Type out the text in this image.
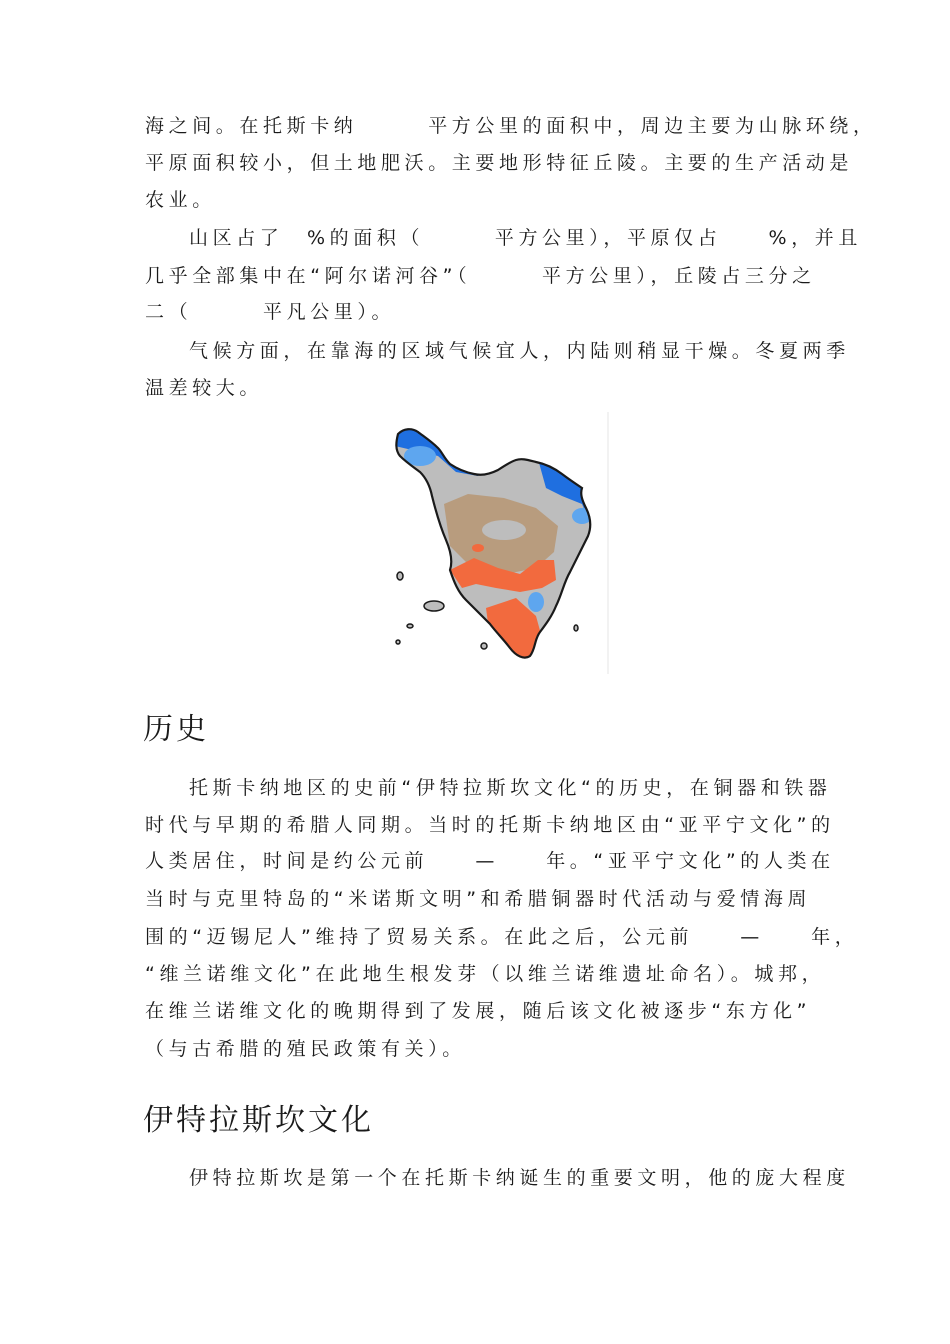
海之间。在托斯卡纳　　　平方公里的面积中，周边主要为山脉环绕，

平原面积较小，但土地肥沃。主要地形特征丘陵。主要的生产活动是

农业。

山区占了　%的面积（　　　平方公里），平原仅占　　%，并且

几乎全部集中在“阿尔诺河谷”（　　　平方公里），丘陵占三分之

二（　　　平凡公里）。

气候方面，在靠海的区域气候宜人，内陆则稍显干燥。冬夏两季

温差较大。

历史

托斯卡纳地区的史前“伊特拉斯坎文化“的历史，在铜器和铁器

时代与早期的希腊人同期。当时的托斯卡纳地区由“亚平宁文化”的

人类居住，时间是约公元前　　—　　年。“亚平宁文化”的人类在

当时与克里特岛的“米诺斯文明”和希腊铜器时代活动与爱情海周

围的“迈锡尼人”维持了贸易关系。在此之后，公元前　　—　　年，

“维兰诺维文化”在此地生根发芽（以维兰诺维遗址命名）。城邦，

在维兰诺维文化的晚期得到了发展，随后该文化被逐步“东方化”

（与古希腊的殖民政策有关）。

伊特拉斯坎文化

伊特拉斯坎是第一个在托斯卡纳诞生的重要文明，他的庞大程度
